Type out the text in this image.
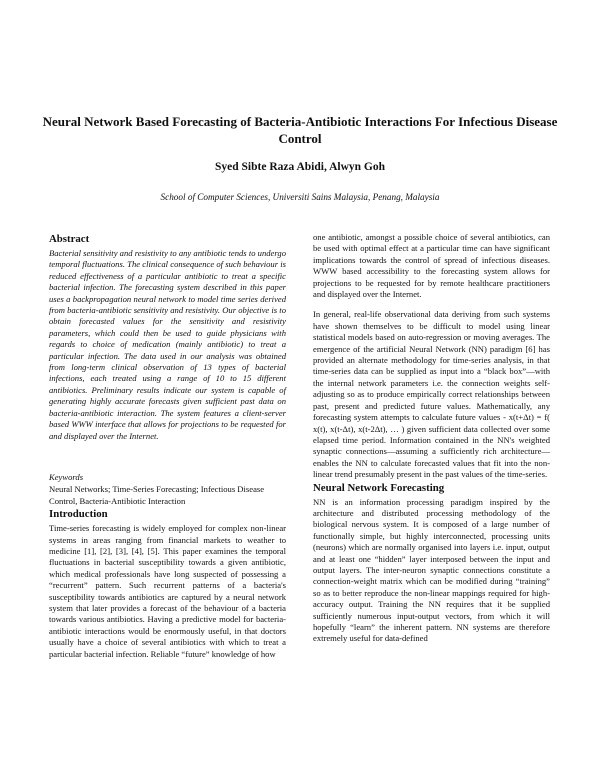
Neural Network Based Forecasting of Bacteria-Antibiotic Interactions For Infectious Disease Control
Syed Sibte Raza Abidi, Alwyn Goh
School of Computer Sciences, Universiti Sains Malaysia, Penang, Malaysia
Abstract

Bacterial sensitivity and resistivity to any antibiotic tends to undergo temporal fluctuations. The clinical consequence of such behaviour is reduced effectiveness of a particular antibiotic to treat a specific bacterial infection. The forecasting system described in this paper uses a backpropagation neural network to model time series derived from bacteria-antibiotic sensitivity and resistivity. Our objective is to obtain forecasted values for the sensitivity and resistivity parameters, which could then be used to guide physicians with regards to choice of medication (mainly antibiotic) to treat a particular infection. The data used in our analysis was obtained from long-term clinical observation of 13 types of bacterial infections, each treated using a range of 10 to 15 different antibiotics. Preliminary results indicate our system is capable of generating highly accurate forecasts given sufficient past data on bacteria-antibiotic interaction. The system features a client-server based WWW interface that allows for projections to be requested for and displayed over the Internet.

Keywords

Neural Networks; Time-Series Forecasting; Infectious Disease Control, Bacteria-Antibiotic Interaction

Introduction

Time-series forecasting is widely employed for complex non-linear systems in areas ranging from financial markets to weather to medicine [1], [2], [3], [4], [5]. This paper examines the temporal fluctuations in bacterial susceptibility towards a given antibiotic, which medical professionals have long suspected of possessing a “recurrent” pattern. Such recurrent patterns of a bacteria's susceptibility towards antibiotics are captured by a neural network system that later provides a forecast of the behaviour of a bacteria towards various antibiotics. Having a predictive model for bacteria-antibiotic interactions would be enormously useful, in that doctors usually have a choice of several antibiotics with which to treat a particular bacterial infection. Reliable “future” knowledge of how

one antibiotic, amongst a possible choice of several antibiotics, can be used with optimal effect at a particular time can have significant implications towards the control of spread of infectious diseases. WWW based accessibility to the forecasting system allows for projections to be requested for by remote healthcare practitioners and displayed over the Internet.

In general, real-life observational data deriving from such systems have shown themselves to be difficult to model using linear statistical models based on auto-regression or moving averages. The emergence of the artificial Neural Network (NN) paradigm [6] has provided an alternate methodology for time-series analysis, in that time-series data can be supplied as input into a “black box”—with the internal network parameters i.e. the connection weights self-adjusting so as to produce empirically correct relationships between past, present and predicted future values. Mathematically, any forecasting system attempts to calculate future values - x(t+Δt) = f( x(t), x(t-Δt), x(t-2Δt), … ) given sufficient data collected over some elapsed time period. Information contained in the NN's weighted synaptic connections—assuming a sufficiently rich architecture—enables the NN to calculate forecasted values that fit into the non-linear trend presumably present in the past values of the time-series.

Neural Network Forecasting

NN is an information processing paradigm inspired by the architecture and distributed processing methodology of the biological nervous system. It is composed of a large number of functionally simple, but highly interconnected, processing units (neurons) which are normally organised into layers i.e. input, output and at least one “hidden” layer interposed between the input and output layers. The inter-neuron synaptic connections constitute a connection-weight matrix which can be modified during “training” so as to better reproduce the non-linear mappings required for high-accuracy output. Training the NN requires that it be supplied sufficiently numerous input-output vectors, from which it will hopefully “learn” the inherent pattern. NN systems are therefore extremely useful for data-defined
